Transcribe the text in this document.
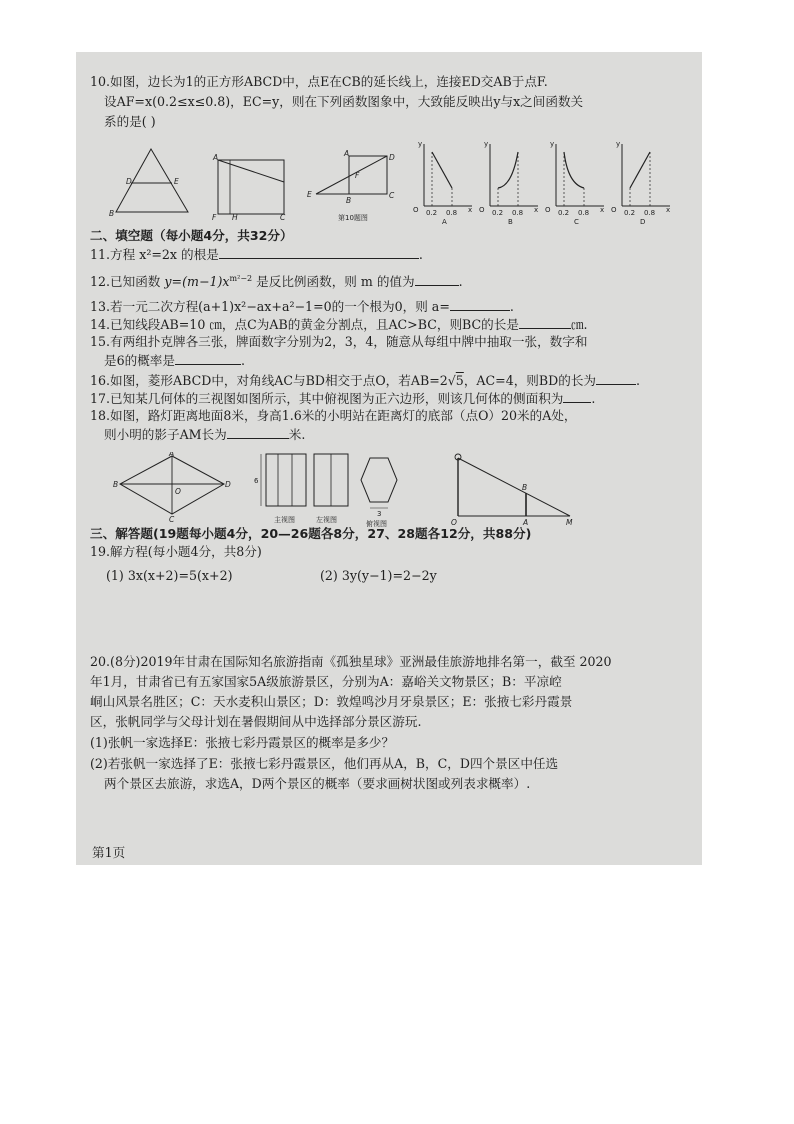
10.如图，边长为1的正方形ABCD中，点E在CB的延长线上，连接ED交AB于点F.
设AF=x(0.2≤x≤0.8)，EC=y，则在下列函数图象中，大致能反映出y与x之间函数关
系的是( )
D	E
B
A
F H	C
A	D
F
E
B
C
第10题图
y
O 0.2 0.8 x
A
y
O 0.2 0.8 x
B
y
O 0.2 0.8 x
C
y
O 0.2 0.8 x
D
二、填空题（每小题4分，共32分）
11.方程 x²=2x 的根是	.
12.已知函数 $y=(m-1)x^{m^2-2}$ 是反比例函数，则 m 的值为	.
13.若一元二次方程(a+1)x²−ax+a²−1=0的一个根为0，则 a=	.
14.已知线段AB=10 ㎝，点C为AB的黄金分割点，且AC>BC，则BC的长是	㎝.
15.有两组扑克牌各三张，牌面数字分别为2，3，4，随意从每组中牌中抽取一张，数字和
是6的概率是	.
16.如图，菱形ABCD中，对角线AC与BD相交于点O，若AB=2√5，AC=4，则BD的长为	.
17.已知某几何体的三视图如图所示，其中俯视图为正六边形，则该几何体的侧面积为 .
18.如图，路灯距离地面8米，身高1.6米的小明站在距离灯的底部（点O）20米的A处，
则小明的影子AM长为	米.
A
B	D
C
O
6
3
主视图	左视图	俯视图	O	A	M
B
三、解答题(19题每小题4分，20—26题各8分，27、28题各12分，共88分)
19.解方程(每小题4分，共8分)
(1) 3x(x+2)=5(x+2)	(2) 3y(y−1)=2−2y
20.(8分)2019年甘肃在国际知名旅游指南《孤独星球》亚洲最佳旅游地排名第一，截至 2020
年1月，甘肃省已有五家国家5A级旅游景区，分别为A：嘉峪关文物景区；B：平凉崆
峒山风景名胜区；C：天水麦积山景区；D：敦煌鸣沙月牙泉景区；E：张掖七彩丹霞景
区，张帆同学与父母计划在暑假期间从中选择部分景区游玩.
(1)张帆一家选择E：张掖七彩丹霞景区的概率是多少？
(2)若张帆一家选择了E：张掖七彩丹霞景区，他们再从A，B，C，D四个景区中任选
两个景区去旅游，求选A，D两个景区的概率（要求画树状图或列表求概率）.
第1页
